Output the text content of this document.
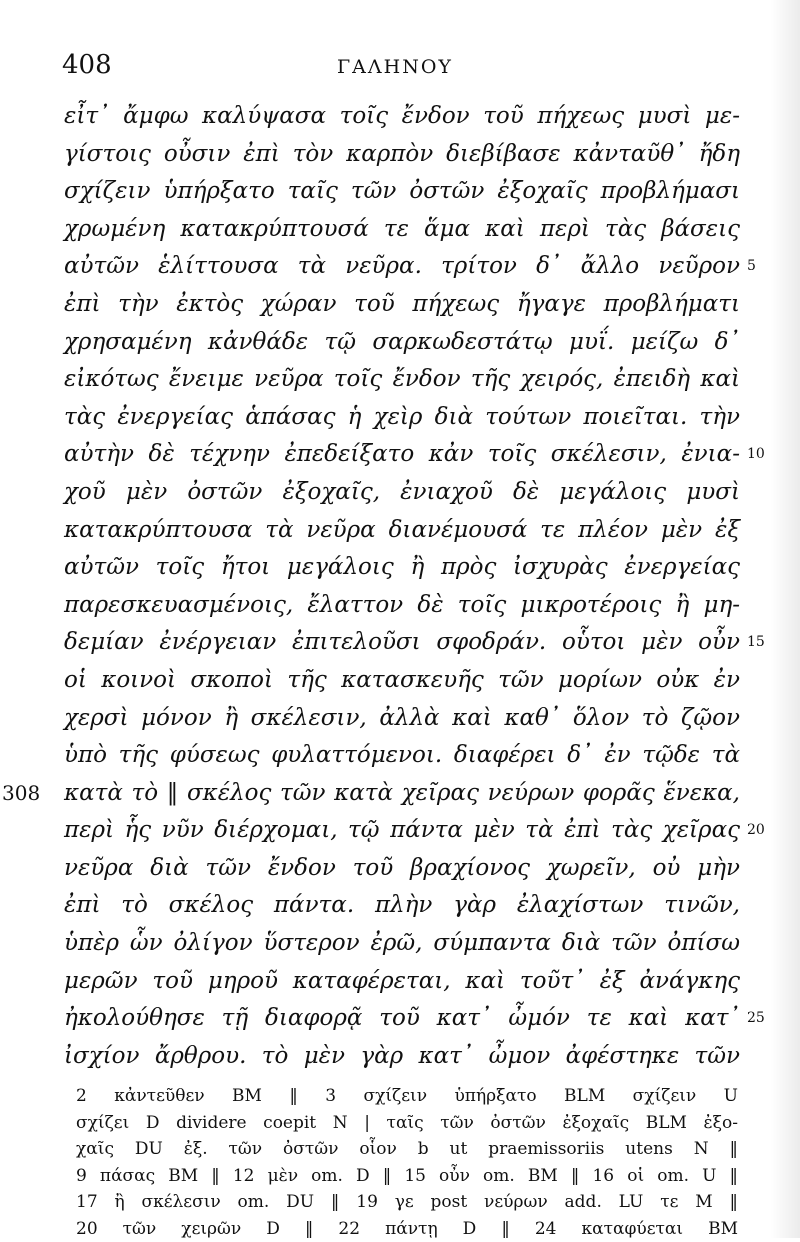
408	ΓΑΛΗΝΟΥ
εἶτ᾽ ἄμφω καλύψασα τοῖς ἔνδον τοῦ πήχεως μυσὶ με-
γίστοις οὖσιν ἐπὶ τὸν καρπὸν διεβίβασε κἀνταῦθ᾽ ἤδη
σχίζειν ὑπήρξατο ταῖς τῶν ὀστῶν ἐξοχαῖς προβλήμασι
χρωμένη κατακρύπτουσά τε ἅμα καὶ περὶ τὰς βάσεις
αὐτῶν ἑλίττουσα τὰ νεῦρα. τρίτον δ᾽ ἄλλο νεῦρον 5
ἐπὶ τὴν ἐκτὸς χώραν τοῦ πήχεως ἤγαγε προβλήματι
χρησαμένη κἀνθάδε τῷ σαρκωδεστάτῳ μυΐ. μείζω δ᾽
εἰκότως ἔνειμε νεῦρα τοῖς ἔνδον τῆς χειρός, ἐπειδὴ καὶ
τὰς ἐνεργείας ἁπάσας ἡ χεὶρ διὰ τούτων ποιεῖται. τὴν
αὐτὴν δὲ τέχνην ἐπεδείξατο κἀν τοῖς σκέλεσιν, ἐνια- 10
χοῦ μὲν ὀστῶν ἐξοχαῖς, ἐνιαχοῦ δὲ μεγάλοις μυσὶ
κατακρύπτουσα τὰ νεῦρα διανέμουσά τε πλέον μὲν ἐξ
αὐτῶν τοῖς ἤτοι μεγάλοις ἢ πρὸς ἰσχυρὰς ἐνεργείας
παρεσκευασμένοις, ἔλαττον δὲ τοῖς μικροτέροις ἢ μη-
δεμίαν ἐνέργειαν ἐπιτελοῦσι σφοδράν. οὗτοι μὲν οὖν 15
οἱ κοινοὶ σκοποὶ τῆς κατασκευῆς τῶν μορίων οὐκ ἐν
χερσὶ μόνον ἢ σκέλεσιν, ἀλλὰ καὶ καθ᾽ ὅλον τὸ ζῷον
ὑπὸ τῆς φύσεως φυλαττόμενοι. διαφέρει δ᾽ ἐν τῷδε τὰ
κατὰ τὸ ‖ σκέλος τῶν κατὰ χεῖρας νεύρων φορᾶς ἕνεκα,
308
περὶ ἧς νῦν διέρχομαι, τῷ πάντα μὲν τὰ ἐπὶ τὰς χεῖρας 20
νεῦρα διὰ τῶν ἔνδον τοῦ βραχίονος χωρεῖν, οὐ μὴν
ἐπὶ τὸ σκέλος πάντα. πλὴν γὰρ ἐλαχίστων τινῶν,
ὑπὲρ ὧν ὀλίγον ὕστερον ἐρῶ, σύμπαντα διὰ τῶν ὀπίσω
μερῶν τοῦ μηροῦ καταφέρεται, καὶ τοῦτ᾽ ἐξ ἀνάγκης
ἠκολούθησε τῇ διαφορᾷ τοῦ κατ᾽ ὦμόν τε καὶ κατ᾽ 25
ἰσχίον ἄρθρου. τὸ μὲν γὰρ κατ᾽ ὦμον ἀφέστηκε τῶν
2 κἀντεῦθεν BM ‖ 3 σχίζειν ὑπήρξατο BLM σχίζειν U
σχίζει D dividere coepit N | ταῖς τῶν ὀστῶν ἐξοχαῖς BLM ἐξο-
χαῖς DU ἐξ. τῶν ὀστῶν οἷον b ut praemissoriis utens N ‖
9 πάσας BM ‖ 12 μὲν om. D ‖ 15 οὖν om. BM ‖ 16 οἱ om. U ‖
17 ἢ σκέλεσιν om. DU ‖ 19 γε post νεύρων add. LU τε M ‖
20 τῶν χειρῶν D ‖ 22 πάντῃ D ‖ 24 καταφύεται BM
